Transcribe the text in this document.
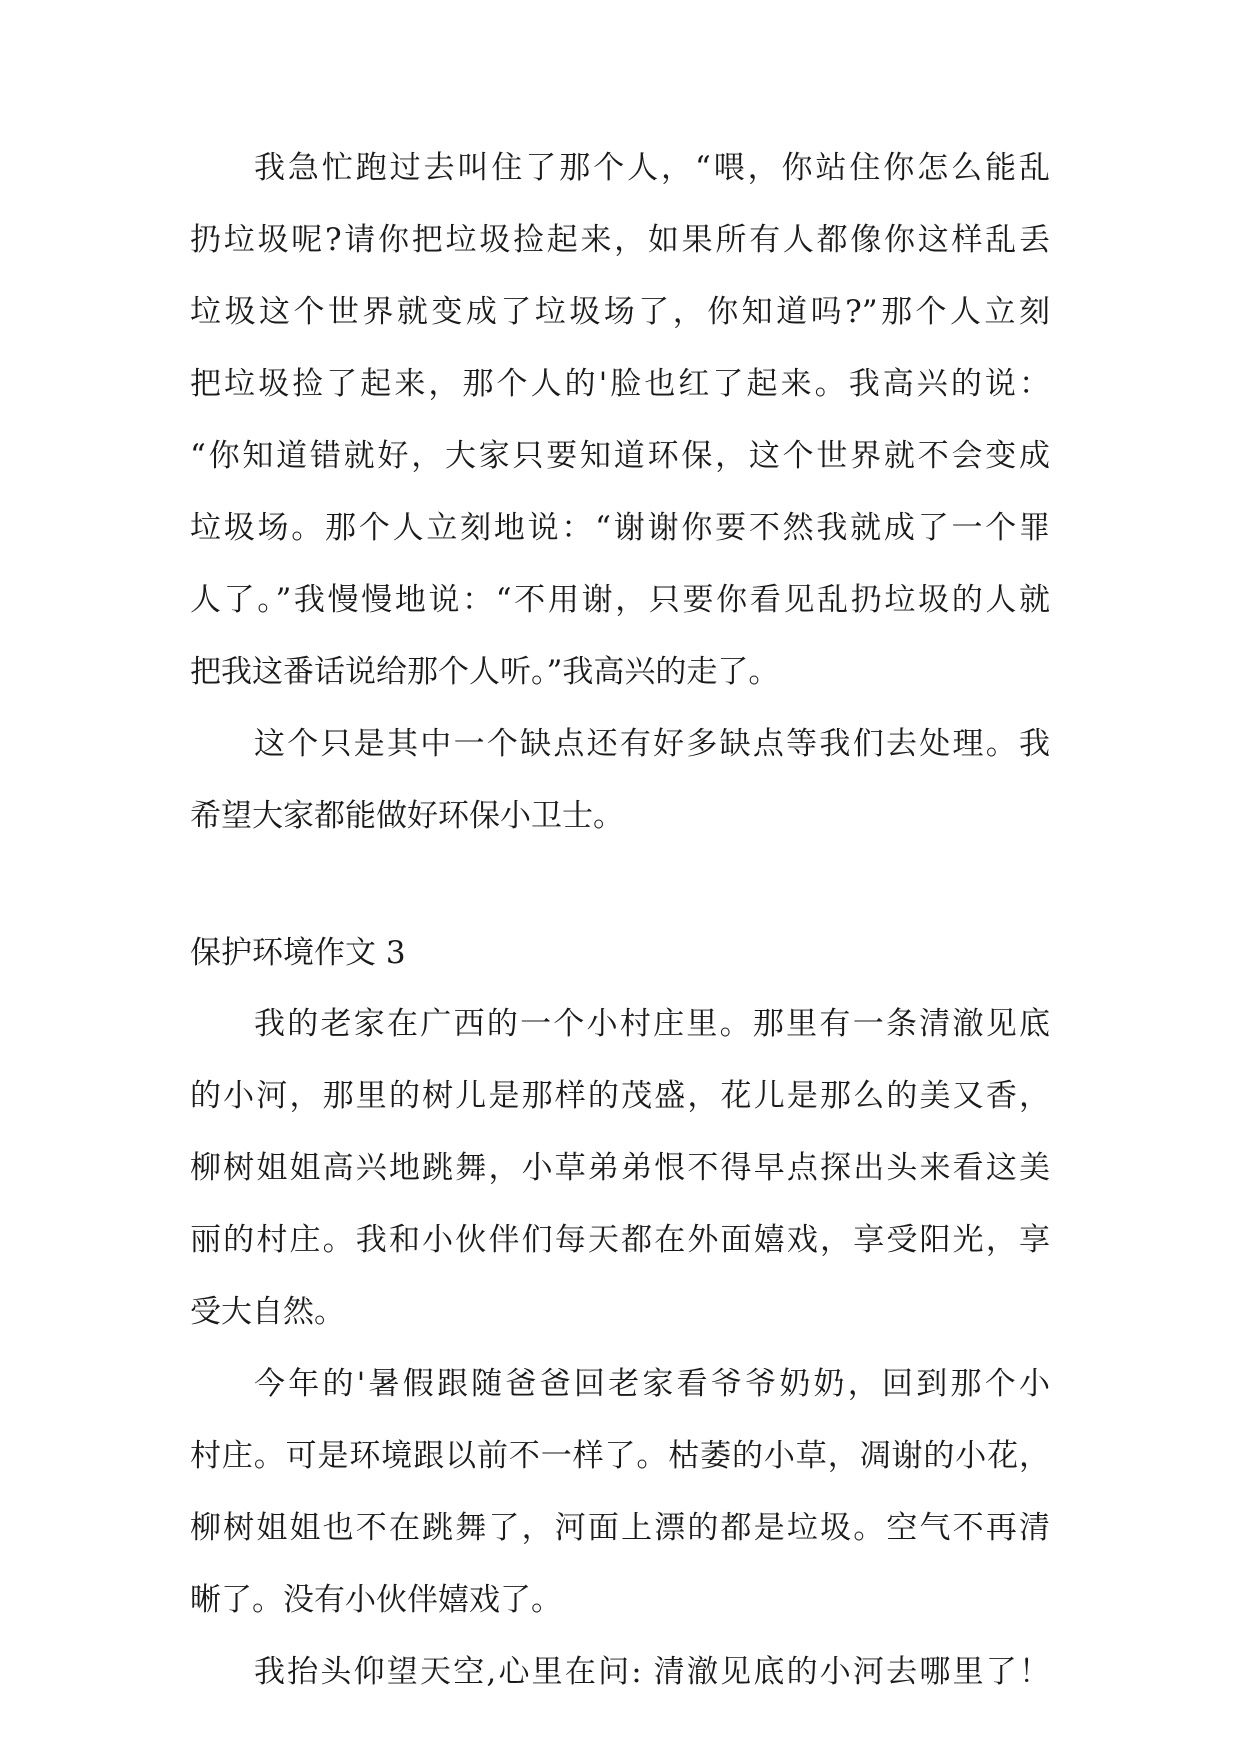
我急忙跑过去叫住了那个人，“喂，你站住你怎么能乱
扔垃圾呢?请你把垃圾捡起来，如果所有人都像你这样乱丢
垃圾这个世界就变成了垃圾场了，你知道吗?”那个人立刻
把垃圾捡了起来，那个人的'脸也红了起来。我高兴的说：
“你知道错就好，大家只要知道环保，这个世界就不会变成
垃圾场。那个人立刻地说：“谢谢你要不然我就成了一个罪
人了。”我慢慢地说：“不用谢，只要你看见乱扔垃圾的人就
把我这番话说给那个人听。”我高兴的走了。
这个只是其中一个缺点还有好多缺点等我们去处理。我
希望大家都能做好环保小卫士。
保护环境作文 3
我的老家在广西的一个小村庄里。那里有一条清澈见底
的小河，那里的树儿是那样的茂盛，花儿是那么的美又香，
柳树姐姐高兴地跳舞，小草弟弟恨不得早点探出头来看这美
丽的村庄。我和小伙伴们每天都在外面嬉戏，享受阳光，享
受大自然。
今年的'暑假跟随爸爸回老家看爷爷奶奶，回到那个小
村庄。可是环境跟以前不一样了。枯萎的小草，凋谢的小花，
柳树姐姐也不在跳舞了，河面上漂的都是垃圾。空气不再清
晰了。没有小伙伴嬉戏了。
我抬头仰望天空,心里在问: 清澈见底的小河去哪里了！
